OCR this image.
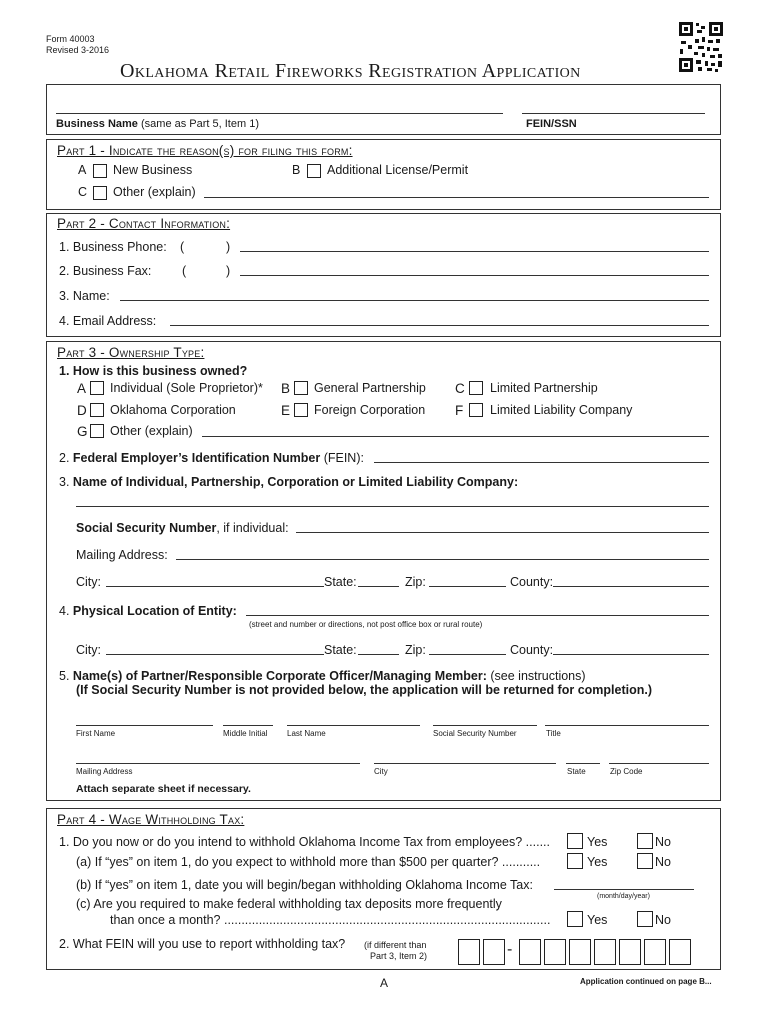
Form 40003
Revised 3-2016
Oklahoma Retail Fireworks Registration Application
Business Name (same as Part 5, Item 1)	FEIN/SSN
Part 1 - Indicate the reason(s) for filing this form:
A New Business	B Additional License/Permit
C Other (explain)
Part 2 - Contact Information:
1. Business Phone: (	)
2. Business Fax: (	)
3. Name:
4. Email Address:
Part 3 - Ownership Type:
1. How is this business owned?
A Individual (Sole Proprietor)* B General Partnership C Limited Partnership
D Oklahoma Corporation	E Foreign Corporation F Limited Liability Company
G Other (explain)
2. Federal Employer’s Identification Number (FEIN):
3. Name of Individual, Partnership, Corporation or Limited Liability Company:
Social Security Number, if individual:
Mailing Address:
City:	State:	Zip:	County:
4. Physical Location of Entity:
(street and number or directions, not post office box or rural route)
City:	State:	Zip:	County:
5. Name(s) of Partner/Responsible Corporate Officer/Managing Member: (see instructions)
(If Social Security Number is not provided below, the application will be returned for completion.)
First Name	Middle Initial Last Name	Social Security Number	Title
Mailing Address	City	State	Zip Code
Attach separate sheet if necessary.
Part 4 - Wage Withholding Tax:
1. Do you now or do you intend to withhold Oklahoma Income Tax from employees? .......	Yes	No
(a) If “yes” on item 1, do you expect to withhold more than $500 per quarter? ...........	Yes	No
(b) If “yes” on item 1, date you will begin/began withholding Oklahoma Income Tax:
(month/day/year)
(c) Are you required to make federal withholding tax deposits more frequently
than once a month? ..............................................................................................	Yes	No
2. What FEIN will you use to report withholding tax? (if different than
Part 3, Item 2)	-
A	Application continued on page B...
